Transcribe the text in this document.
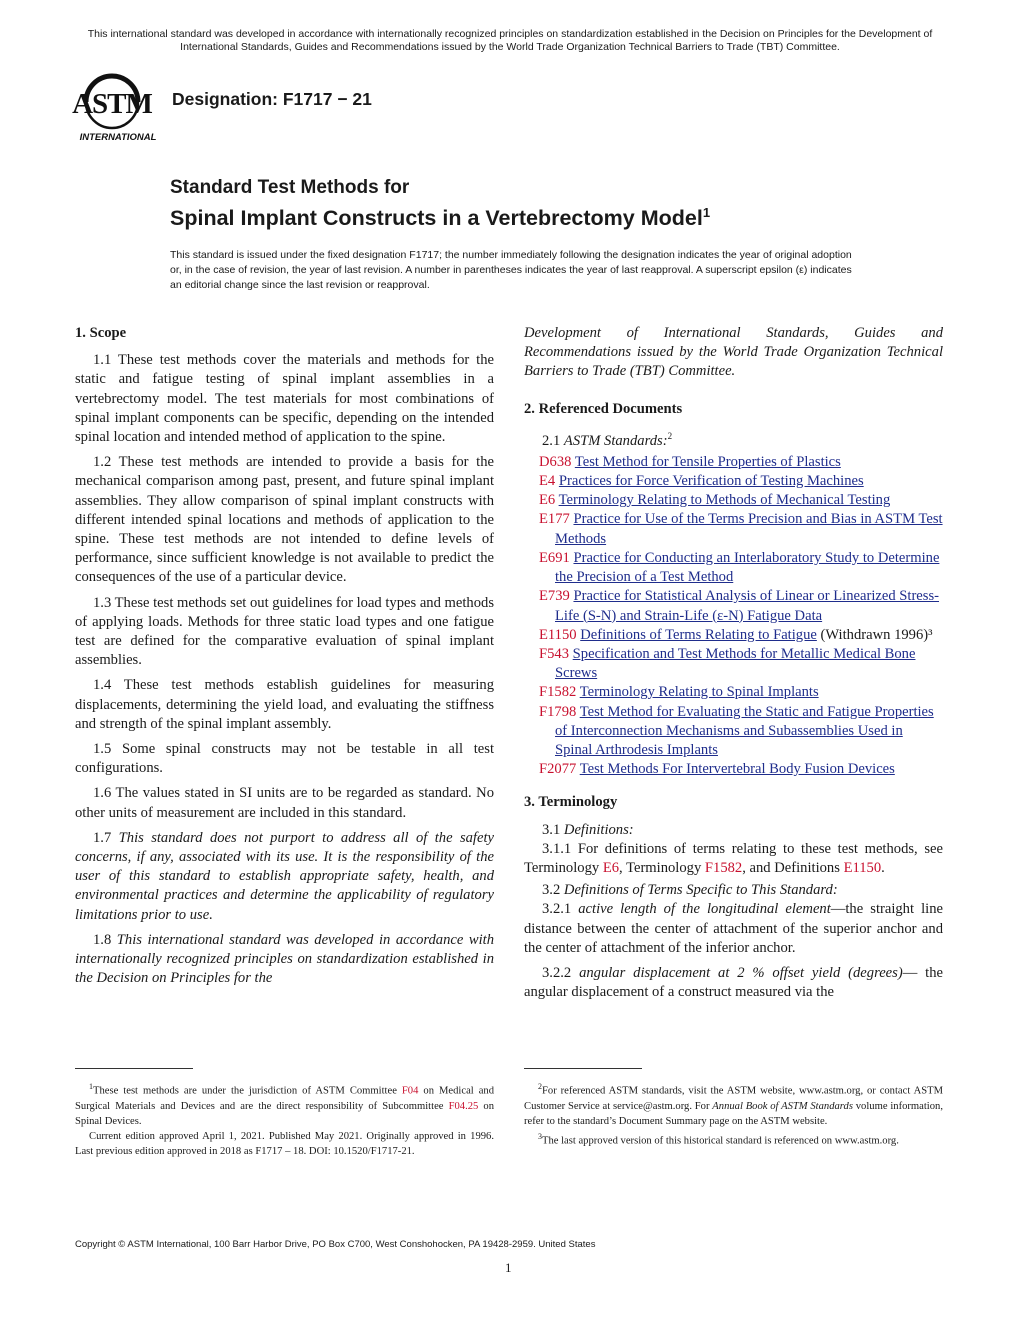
This international standard was developed in accordance with internationally recognized principles on standardization established in the Decision on Principles for the Development of International Standards, Guides and Recommendations issued by the World Trade Organization Technical Barriers to Trade (TBT) Committee.
ASTM
INTERNATIONAL
Designation: F1717 − 21
Standard Test Methods for
Spinal Implant Constructs in a Vertebrectomy Model$^1$
This standard is issued under the fixed designation F1717; the number immediately following the designation indicates the year of original adoption or, in the case of revision, the year of last revision. A number in parentheses indicates the year of last reapproval. A superscript epsilon (ε) indicates an editorial change since the last revision or reapproval.
1. Scope

1.1 These test methods cover the materials and methods for the static and fatigue testing of spinal implant assemblies in a vertebrectomy model. The test materials for most combinations of spinal implant components can be specific, depending on the intended spinal location and intended method of application to the spine.

1.2 These test methods are intended to provide a basis for the mechanical comparison among past, present, and future spinal implant assemblies. They allow comparison of spinal implant constructs with different intended spinal locations and methods of application to the spine. These test methods are not intended to define levels of performance, since sufficient knowledge is not available to predict the consequences of the use of a particular device.

1.3 These test methods set out guidelines for load types and methods of applying loads. Methods for three static load types and one fatigue test are defined for the comparative evaluation of spinal implant assemblies.

1.4 These test methods establish guidelines for measuring displacements, determining the yield load, and evaluating the stiffness and strength of the spinal implant assembly.

1.5 Some spinal constructs may not be testable in all test configurations.

1.6 The values stated in SI units are to be regarded as standard. No other units of measurement are included in this standard.

1.7 This standard does not purport to address all of the safety concerns, if any, associated with its use. It is the responsibility of the user of this standard to establish appropriate safety, health, and environmental practices and determine the applicability of regulatory limitations prior to use.

1.8 This international standard was developed in accordance with internationally recognized principles on standardization established in the Decision on Principles for the

Development of International Standards, Guides and Recommendations issued by the World Trade Organization Technical Barriers to Trade (TBT) Committee.

2. Referenced Documents

2.1 ASTM Standards:$^2$

D638 Test Method for Tensile Properties of Plastics
E4 Practices for Force Verification of Testing Machines
E6 Terminology Relating to Methods of Mechanical Testing
E177 Practice for Use of the Terms Precision and Bias in ASTM Test Methods
E691 Practice for Conducting an Interlaboratory Study to Determine the Precision of a Test Method
E739 Practice for Statistical Analysis of Linear or Linearized Stress-Life (S-N) and Strain-Life (ε-N) Fatigue Data
E1150 Definitions of Terms Relating to Fatigue (Withdrawn 1996)³
F543 Specification and Test Methods for Metallic Medical Bone Screws
F1582 Terminology Relating to Spinal Implants
F1798 Test Method for Evaluating the Static and Fatigue Properties of Interconnection Mechanisms and Subassemblies Used in Spinal Arthrodesis Implants
F2077 Test Methods For Intervertebral Body Fusion Devices
3. Terminology

3.1 Definitions:

3.1.1 For definitions of terms relating to these test methods, see Terminology E6, Terminology F1582, and Definitions E1150.

3.2 Definitions of Terms Specific to This Standard:

3.2.1 active length of the longitudinal element—the straight line distance between the center of attachment of the superior anchor and the center of attachment of the inferior anchor.

3.2.2 angular displacement at 2 % offset yield (degrees)— the angular displacement of a construct measured via the

$^1$These test methods are under the jurisdiction of ASTM Committee F04 on Medical and Surgical Materials and Devices and are the direct responsibility of Subcommittee F04.25 on Spinal Devices.

Current edition approved April 1, 2021. Published May 2021. Originally approved in 1996. Last previous edition approved in 2018 as F1717 – 18. DOI: 10.1520/F1717-21.

$^2$For referenced ASTM standards, visit the ASTM website, www.astm.org, or contact ASTM Customer Service at service@astm.org. For Annual Book of ASTM Standards volume information, refer to the standard’s Document Summary page on the ASTM website.

$^3$The last approved version of this historical standard is referenced on www.astm.org.

Copyright © ASTM International, 100 Barr Harbor Drive, PO Box C700, West Conshohocken, PA 19428-2959. United States
1
